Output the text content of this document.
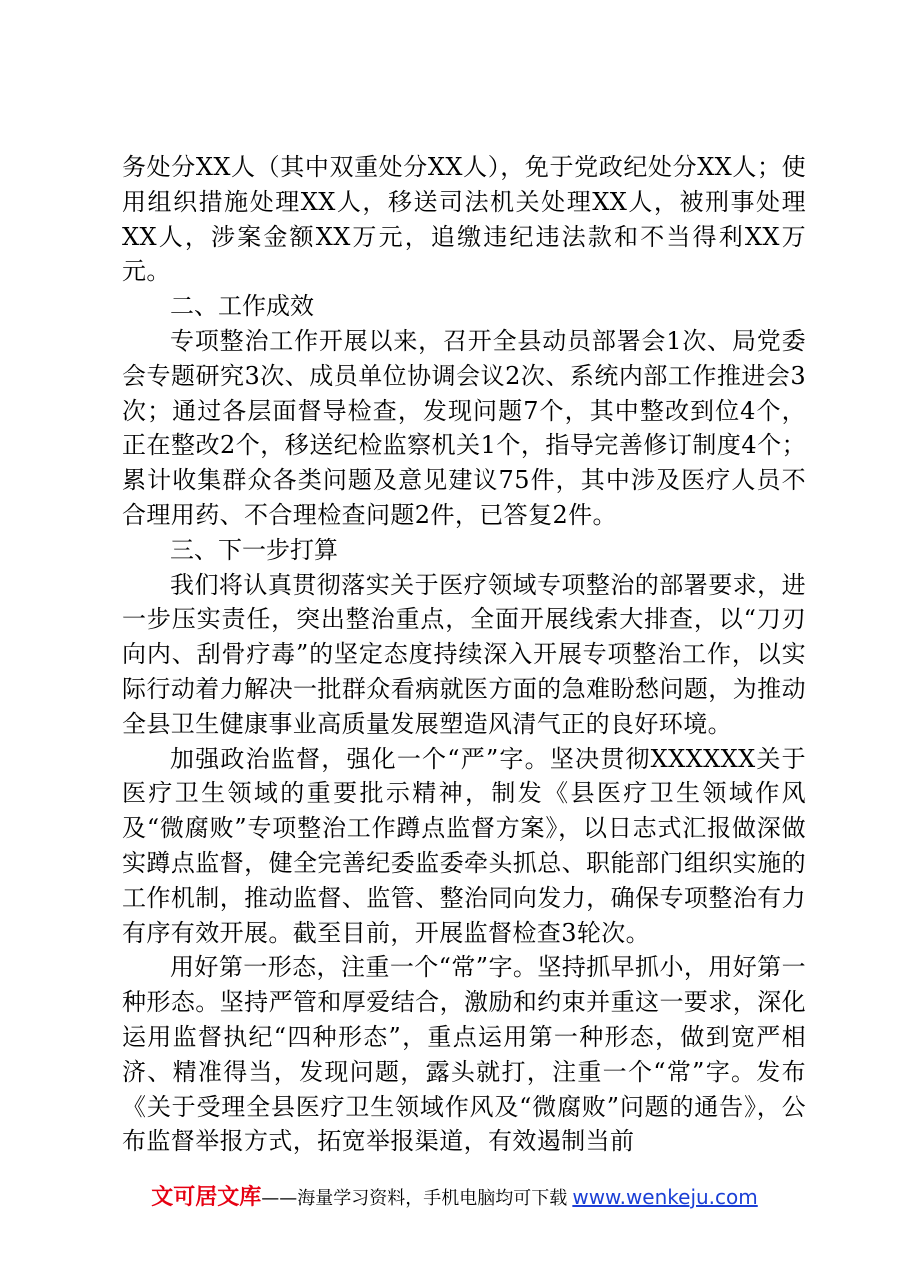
务处分XX人（其中双重处分XX人），免于党政纪处分XX人；使用组织措施处理XX人，移送司法机关处理XX人，被刑事处理XX人，涉案金额XX万元，追缴违纪违法款和不当得利XX万元。

二、工作成效

专项整治工作开展以来，召开全县动员部署会1次、局党委会专题研究3次、成员单位协调会议2次、系统内部工作推进会3次；通过各层面督导检查，发现问题7个，其中整改到位4个，正在整改2个，移送纪检监察机关1个，指导完善修订制度4个；累计收集群众各类问题及意见建议75件，其中涉及医疗人员不合理用药、不合理检查问题2件，已答复2件。

三、下一步打算

我们将认真贯彻落实关于医疗领域专项整治的部署要求，进一步压实责任，突出整治重点，全面开展线索大排查，以“刀刃向内、刮骨疗毒”的坚定态度持续深入开展专项整治工作，以实际行动着力解决一批群众看病就医方面的急难盼愁问题，为推动全县卫生健康事业高质量发展塑造风清气正的良好环境。

加强政治监督，强化一个“严”字。坚决贯彻XXXXXX关于医疗卫生领域的重要批示精神，制发《县医疗卫生领域作风及“微腐败”专项整治工作蹲点监督方案》，以日志式汇报做深做实蹲点监督，健全完善纪委监委牵头抓总、职能部门组织实施的工作机制，推动监督、监管、整治同向发力，确保专项整治有力有序有效开展。截至目前，开展监督检查3轮次。

用好第一形态，注重一个“常”字。坚持抓早抓小，用好第一种形态。坚持严管和厚爱结合，激励和约束并重这一要求，深化运用监督执纪“四种形态”，重点运用第一种形态，做到宽严相济、精准得当，发现问题，露头就打，注重一个“常”字。发布《关于受理全县医疗卫生领域作风及“微腐败”问题的通告》，公布监督举报方式，拓宽举报渠道，有效遏制当前

文可居文库——海量学习资料，手机电脑均可下载 www.wenkeju.com
